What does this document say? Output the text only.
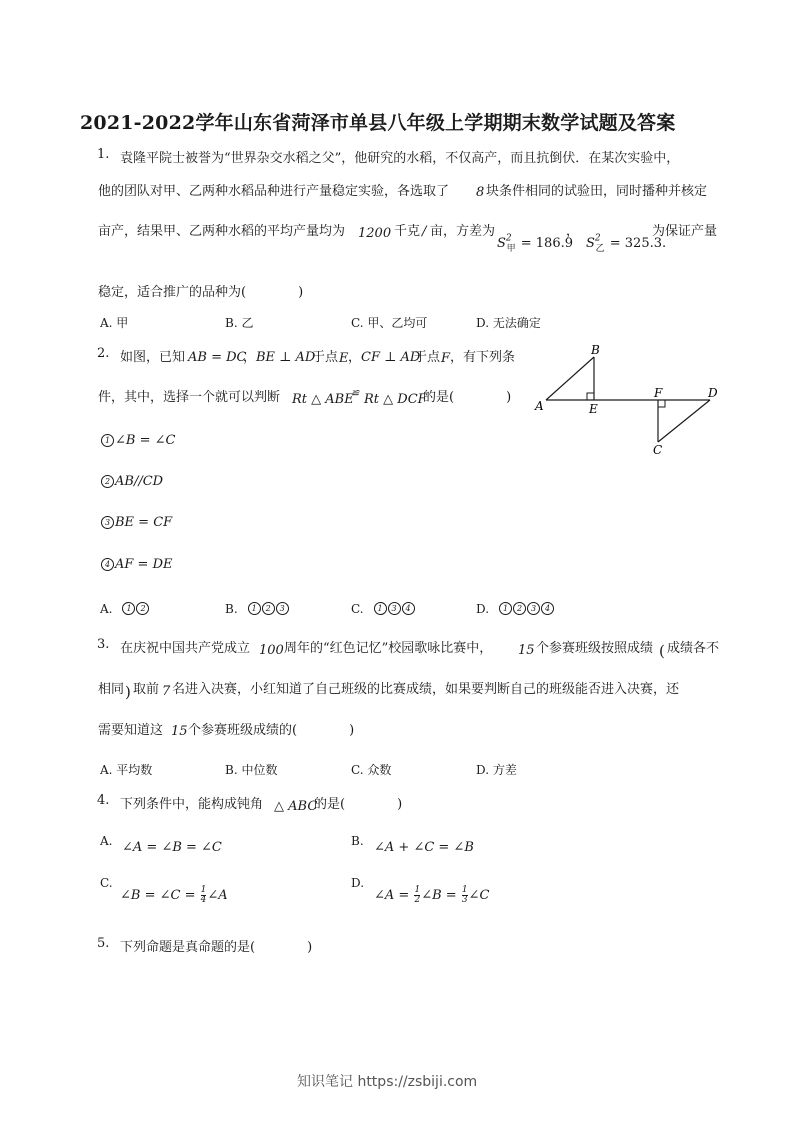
2021-2022学年山东省菏泽市单县八年级上学期期末数学试题及答案
1. 袁隆平院士被誉为“世界杂交水稻之父”，他研究的水稻，不仅高产，而且抗倒伏．在某次实验中，
他的团队对甲、乙两种水稻品种进行产量稳定实验，各选取了 8 块条件相同的试验田，同时播种并核定
亩产，结果甲、乙两种水稻的平均产量均为 1200 千克 / 亩，方差为
$S^2_甲 = 186.9$
，
$S^2_乙 = 325.3$.
为保证产量
稳定，适合推广的品种为(　　　　)
A. 甲	B. 乙	C. 甲、乙均可	D. 无法确定
2. 如图，已知 AB = DC
， BE ⊥ AD
于点 E ， CF ⊥ AD
于点 F ，有下列条
件，其中，选择一个就可以判断 Rt △ ABE
≌ Rt △ DCF
的是(　　　　)
1 ∠B = ∠C
2 AB//CD
3 BE = CF
4 AF = DE
A. 1 2	B. 1 2 3	C. 1 3 4	D. 1 2 3 4
B
A	E
F	D
C
3. 在庆祝中国共产党成立 100 周年的“红色记忆”校园歌咏比赛中， 15 个参赛班级按照成绩 ( 成绩各不
相同 ) 取前 7 名进入决赛，小红知道了自己班级的比赛成绩，如果要判断自己的班级能否进入决赛，还
需要知道这 15 个参赛班级成绩的(　　　　)
A. 平均数	B. 中位数	C. 众数	D. 方差
4. 下列条件中，能构成钝角 △ ABC
的是(　　　　)
A. ∠A = ∠B = ∠C	B. ∠A + ∠C = ∠B
C.
∠B = ∠C = $\frac{1}{4}$ ∠A
D.
∠A = $\frac{1}{2}$ ∠B = $\frac{1}{3}$ ∠C
5. 下列命题是真命题的是(　　　　)
知识笔记 https://zsbiji.com
